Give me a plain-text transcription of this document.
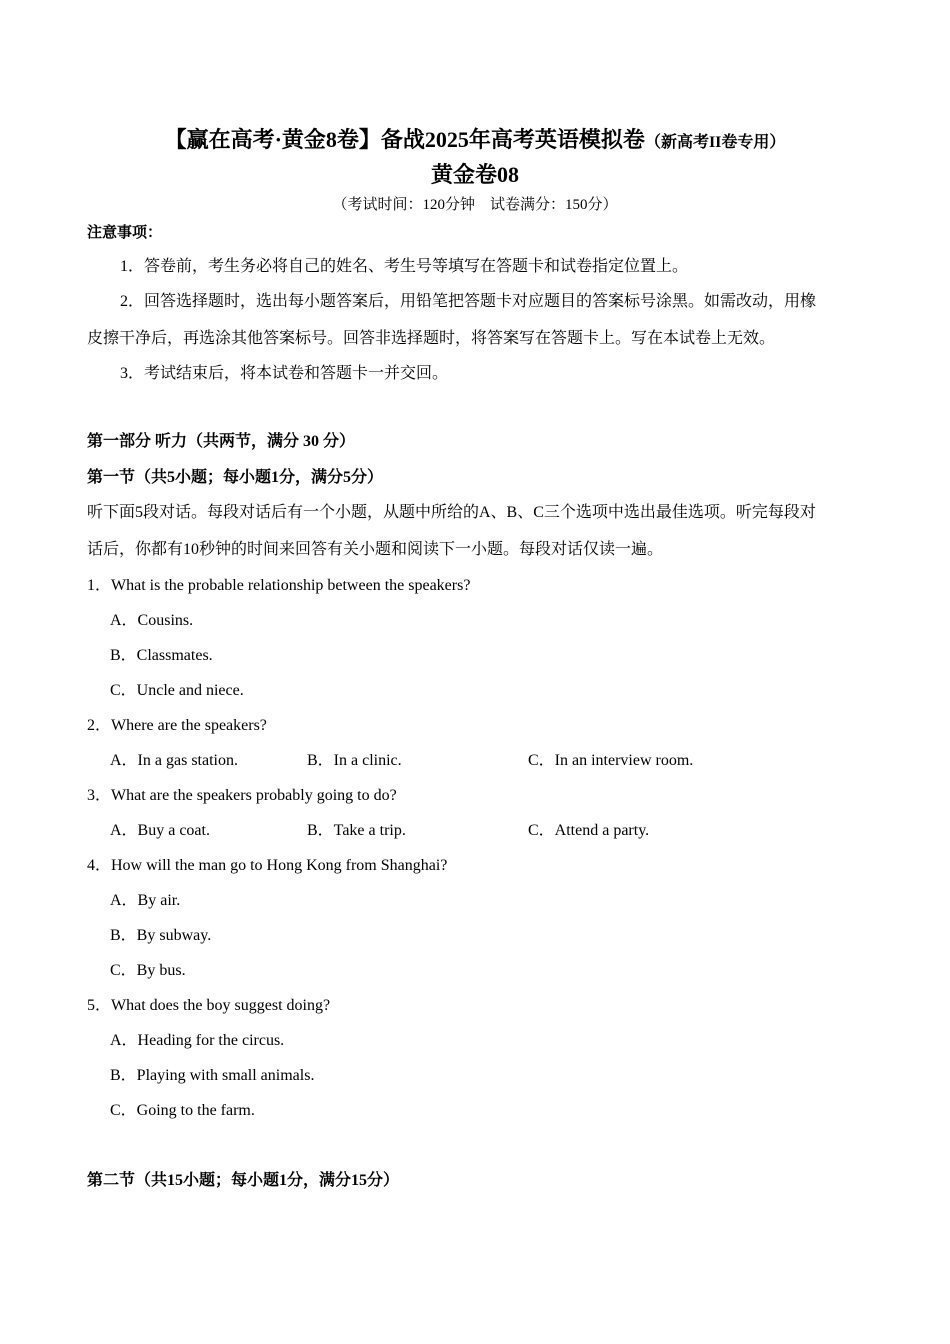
【赢在高考·黄金8卷】备战2025年高考英语模拟卷（新高考II卷专用）
黄金卷08
（考试时间：120分钟　试卷满分：150分）
注意事项：
1．答卷前，考生务必将自己的姓名、考生号等填写在答题卡和试卷指定位置上。
2．回答选择题时，选出每小题答案后，用铅笔把答题卡对应题目的答案标号涂黑。如需改动，用橡
皮擦干净后，再选涂其他答案标号。回答非选择题时，将答案写在答题卡上。写在本试卷上无效。
3．考试结束后，将本试卷和答题卡一并交回。
第一部分 听力（共两节，满分 30 分）
第一节（共5小题；每小题1分，满分5分）
听下面5段对话。每段对话后有一个小题，从题中所给的A、B、C三个选项中选出最佳选项。听完每段对
话后，你都有10秒钟的时间来回答有关小题和阅读下一小题。每段对话仅读一遍。
1．What is the probable relationship between the speakers?
A．Cousins.
B．Classmates.
C．Uncle and niece.
2．Where are the speakers?
A．In a gas station.	B．In a clinic.	C．In an interview room.
3．What are the speakers probably going to do?
A．Buy a coat.	B．Take a trip.	C．Attend a party.
4．How will the man go to Hong Kong from Shanghai?
A．By air.
B．By subway.
C．By bus.
5．What does the boy suggest doing?
A．Heading for the circus.
B．Playing with small animals.
C．Going to the farm.
第二节（共15小题；每小题1分，满分15分）
